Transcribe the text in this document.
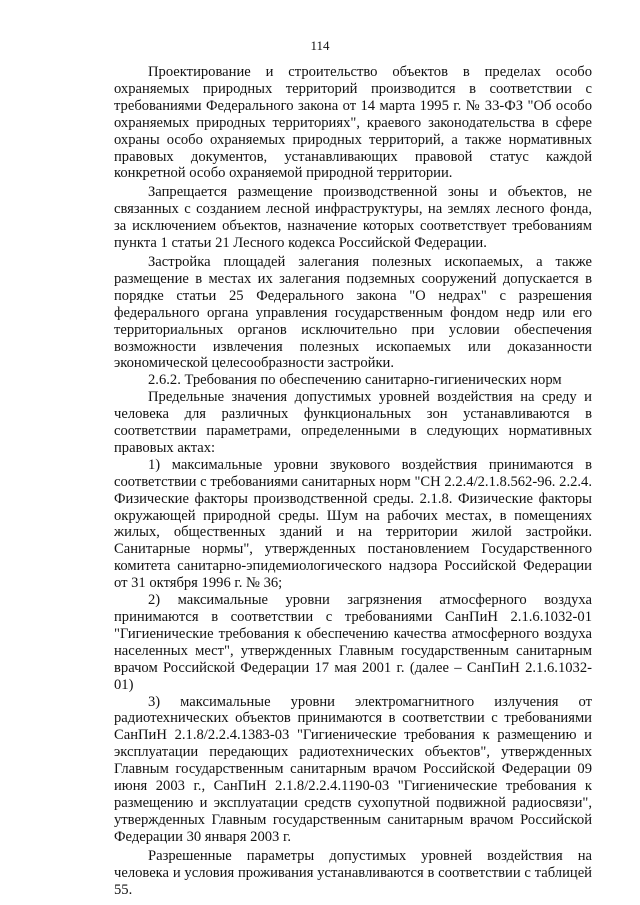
114

Проектирование и строительство объектов в пределах особо охраняемых природных территорий производится в соответствии с требованиями Федерального закона от 14 марта 1995 г. № 33-ФЗ "Об особо охраняемых природных территориях", краевого законодательства в сфере охраны особо охраняемых природных территорий, а также нормативных правовых документов, устанавливающих правовой статус каждой конкретной особо охраняемой природной территории.

Запрещается размещение производственной зоны и объектов, не связанных с созданием лесной инфраструктуры, на землях лесного фонда, за исключением объектов, назначение которых соответствует требованиям пункта 1 статьи 21 Лесного кодекса Российской Федерации.

Застройка площадей залегания полезных ископаемых, а также размещение в местах их залегания подземных сооружений допускается в порядке статьи 25 Федерального закона "О недрах" с разрешения федерального органа управления государственным фондом недр или его территориальных органов исключительно при условии обеспечения возможности извлечения полезных ископаемых или доказанности экономической целесообразности застройки.

2.6.2. Требования по обеспечению санитарно-гигиенических норм

Предельные значения допустимых уровней воздействия на среду и человека для различных функциональных зон устанавливаются в соответствии параметрами, определенными в следующих нормативных правовых актах:

1) максимальные уровни звукового воздействия принимаются в соответствии с требованиями санитарных норм "СН 2.2.4/2.1.8.562-96. 2.2.4. Физические факторы производственной среды. 2.1.8. Физические факторы окружающей природной среды. Шум на рабочих местах, в помещениях жилых, общественных зданий и на территории жилой застройки. Санитарные нормы", утвержденных постановлением Государственного комитета санитарно-эпидемиологического надзора Российской Федерации от 31 октября 1996 г. № 36;

2) максимальные уровни загрязнения атмосферного воздуха принимаются в соответствии с требованиями СанПиН 2.1.6.1032-01 "Гигиенические требования к обеспечению качества атмосферного воздуха населенных мест", утвержденных Главным государственным санитарным врачом Российской Федерации 17 мая 2001 г. (далее – СанПиН 2.1.6.1032-01)

3) максимальные уровни электромагнитного излучения от радиотехнических объектов принимаются в соответствии с требованиями СанПиН 2.1.8/2.2.4.1383-03 "Гигиенические требования к размещению и эксплуатации передающих радиотехнических объектов", утвержденных Главным государственным санитарным врачом Российской Федерации 09 июня 2003 г., СанПиН 2.1.8/2.2.4.1190-03 "Гигиенические требования к размещению и эксплуатации средств сухопутной подвижной радиосвязи", утвержденных Главным государственным санитарным врачом Российской Федерации 30 января 2003 г.

Разрешенные параметры допустимых уровней воздействия на человека и условия проживания устанавливаются в соответствии с таблицей 55.
